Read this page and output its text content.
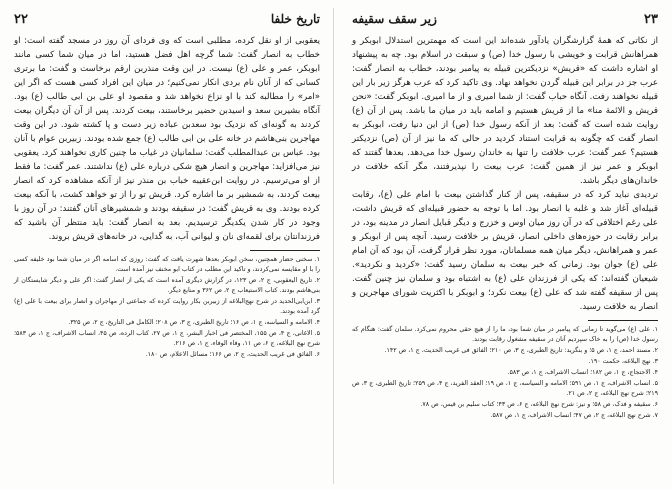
تاریخ خلفا
۲۲

یعقوبی از او نقل کرده، مطلبی است که وی فردای آن روز در مسجد گفته است: او خطاب به انصار گفت: شما گرچه اهل فضل هستید، اما در میان شما کسی مانند ابوبکر، عمر و علی (ع) نیست. در این وقت منذربن ارقم برخاست و گفت: ما برتری کسانی که از آنان نام بردی انکار نمی‌کنیم؛ در میان این افراد کسی هست که اگر این «امر» را مطالبه کند با او نزاع نخواهد شد و مقصود او علی بن ابی طالب (ع) بود. آنگاه بشیربن سعد و اسیدبن حضیر برخاستند، بیعت کردند. پس از آن آن دیگران بیعت کردند به گونه‌ای که نزدیک بود سعدبن عباده زیر دست و پا کشته شود. در این وقت مهاجرین بنی‌هاشم در خانه علی بن ابی طالب (ع) جمع شده بودند. زبیربن عوام با آنان بود. عباس بن عبدالمطلب گفت: سلمانیان در غیاب ما چنین کاری نخواهند کرد. یعقوبی نیز می‌افزاید: مهاجرین و انصار هیچ شکی درباره علی (ع) نداشتند. عمر گفت: ما فقط از او می‌ترسیم. در روایت ابن‌عقیبه خباب بن منذر نیز از آنکه مشاهده کرد که انصار بیعت کردند، به شمشیر بر ما اشاره کرد. قریش تو را از تو خواهد کشت، با آنکه بیعت کرده بودند. وی به قریش گفت: در سقیفه بودند و شمشیرهای آنان گفتند: در آن روز با وجود در کار شدن یکدیگر ترسیدیم. بعد به انصار گفت: باید منتظر آن باشید که فرزندانتان برای لقمه‌ای نان و لیوانی آب، به گدایی، در خانه‌های قریش بروند.

۱. سخنی حضار همچنین، سخن ابوبکر بعدها شهرت یافت که گفت: روزی که اسامه اگر در میان شما بود خلیفه کسی را با او مقایسه نمی‌کردند، و تاکید این مطلب در کتاب ابو مخنف نیز آمده است.

۲. تاریخ الیعقوبی، ج ۲، ص ۱۲۳، در گزارش دیگری آمده است که یکی از انصار گفت: اگر علی و دیگر شایستگان از بنی‌هاشم بودند. کتاب الاستیعاب ج ۲، ص ۳۶۲ و منابع دیگر.

۳. ابن‌ابی‌الحدید در شرح نهج‌البلاغه از زبیربن بکار روایت کرده که جماعتی از مهاجران و انصار برای بیعت با علی (ع) گرد آمده بودند.

۴. الامامه و السیاسه، ج ۱، ص ۱۶؛ تاریخ الطبری، ج ۳، ص ۲۰۸؛ الکامل فی التاریخ، ج ۲، ص ۳۲۵.

۵. الاغانی، ج ۴، ص ۱۵۵، المختصر فی اخبار البشر، ج ۱، ص ۲۷، کتاب الرده، ص ۴۵، انساب الاشراف، ج ۱، ص ۵۸۳؛ شرح نهج البلاغه، ج ۶، ص ۱۱، وفاء الوفاء، ج ۱، ص ۲۱۶.

۶. الفائق فی غریب الحدیث، ج ۲، ص ۱۶۶؛ مسائل الاعلام، ص ۱۸۰.

۲۳
زیر سقف سقیفه

از نکاتی که همهٔ گزارشگران یادآور شده‌اند این است که مهمترین استدلال ابوبکر و همراهانش قرابت و خویشی با رسول خدا (ص) و سبقت در اسلام بود. چه به پیشنهاد او اشاره داشت که «قریش» نزدیکترین قبیله به پیامبر بودند، خطاب به انصار گفت: عرب جز در برابر این قبیله گردن نخواهد نهاد. وی تاکید کرد که عرب هرگز زیر بار این قبیله نخواهند رفت. آنگاه حباب گفت: از شما امیری و از ما امیری. ابوبکر گفت: «نحن قریش و الائمة منا» ما از قریش هستیم و امامه باید در میان ما باشد. پس از آن (ع) روایت شده است که گفت: بعد از آنکه رسول خدا (ص) از این دنیا رفت، ابوبکر به انصار گفت که چگونه به قرابت استناد کردید در حالی که ما نیز از آن (ص) نزدیکتر هستیم؟ عمر گفت: عرب خلافت را تنها به خاندان رسول خدا می‌دهد. بعدها گفتند که ابوبکر و عمر نیز از همین گفت: عرب بیعت را نپذیرفتند، مگر آنکه خلافت در خاندان‌های دیگر باشد.

تردیدی نباید کرد که در سقیفه، پس از کنار گذاشتن بیعت با امام علی (ع)، رقابت قبیله‌ای آغاز شد و غلبه با انصار بود. اما با توجه به حضور قبیله‌ای که قریش داشت، علی رغم اختلافی که در آن روز میان اوس و خزرج و دیگر قبایل انصار در مدینه بود، در برابر رقابت در حوزه‌های داخلی انصار، قریش بر خلافت رسید. آنچه پس از ابوبکر و عمر و همراهانش، دیگر میان همه مسلمانان، مورد نظر قرار گرفت، آن بود که آن امام علی (ع) جوان بود. زمانی که خبر بیعت به سلمان رسید گفت: «کردید و نکردید». شیعیان گفته‌اند: که یکی از فرزندان علی (ع) به اشتباه بود و سلمان نیز چنین گفت. پس از سقیفه گفته شد که علی (ع) بیعت نکرد؛ و ابوبکر با اکثریت شورای مهاجرین و انصار به خلافت رسید.

۱. علی (ع) می‌گوید تا زمانی که پیامبر در میان شما بود، ما را از هیچ حقی محروم نمی‌کرد. سلمان گفت: هنگام که رسول خدا (ص) را به خاک سپردیم آنان در سقیفه مشغول رقابت بودند.

۲. مسند احمد، ج ۱، ص ۵؛ و بنگرید: تاریخ الطبری، ج ۳، ص ۲۱۰؛ الفائق فی غریب الحدیث، ج ۱، ص ۱۴۲.

۳. نهج البلاغه، حکمت ۱۹۰.

۴. الاحتجاج، ج ۱، ص ۱۸۲؛ انساب الاشراف، ج ۱، ص ۵۸۳.

۵. انساب الاشراف، ج ۱، ص ۵۹۱؛ الامامه و السیاسه، ج ۱، ص ۱۹؛ العقد الفرید، ج ۴، ص ۲۵۹؛ تاریخ الطبری، ج ۳، ص ۲۱۹؛ شرح نهج البلاغه، ج ۲، ص ۲۱.

۶. سقیفه و فدک، ص ۵۸؛ و نیز: شرح نهج البلاغه، ج ۶، ص ۴۳؛ کتاب سلیم بن قیس، ص ۷۸.

۷. شرح نهج البلاغه، ج ۲، ص ۴۷؛ انساب الاشراف، ج ۱، ص ۵۸۷.
